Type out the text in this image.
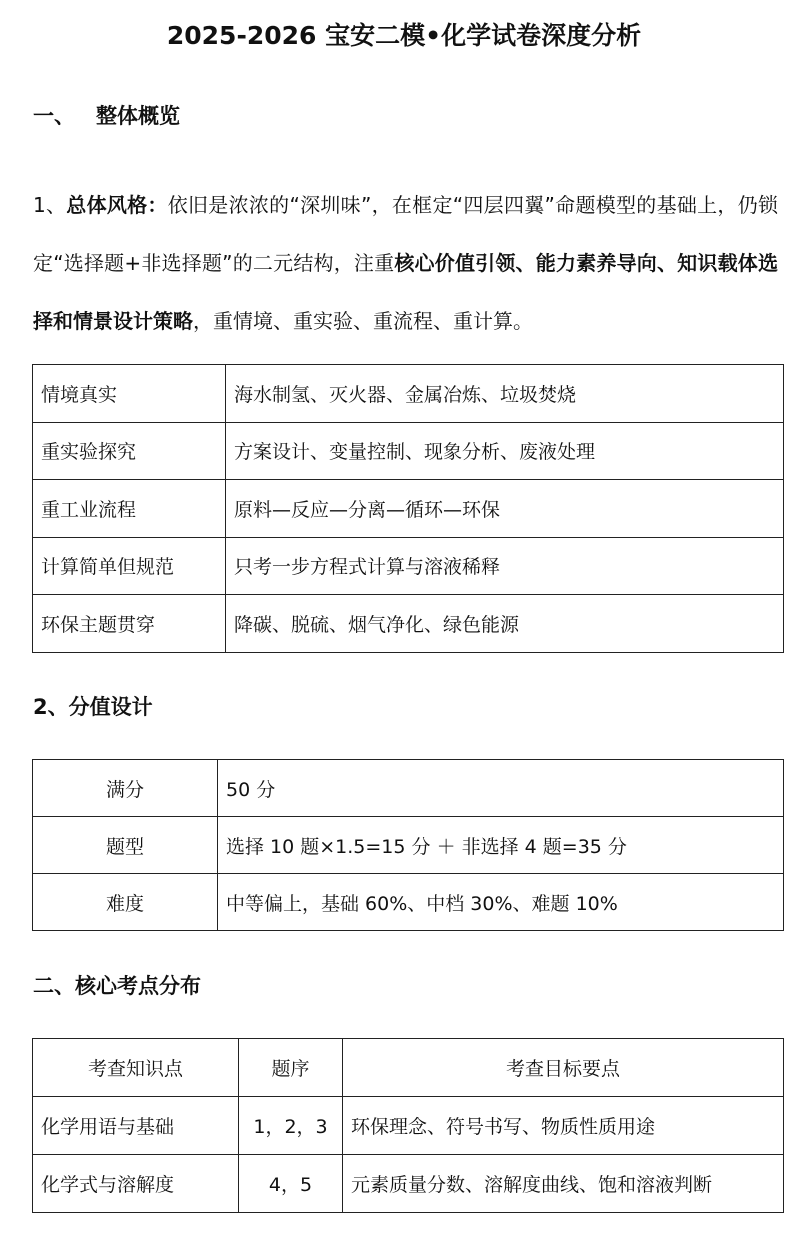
2025-2026 宝安二模•化学试卷深度分析
一、 整体概览

1、总体风格：依旧是浓浓的“深圳味”，在框定“四层四翼”命题模型的基础上，仍锁定“选择题+非选择题”的二元结构，注重核心价值引领、能力素养导向、知识载体选择和情景设计策略，重情境、重实验、重流程、重计算。

情境真实	海水制氢、灭火器、金属冶炼、垃圾焚烧
重实验探究	方案设计、变量控制、现象分析、废液处理
重工业流程	原料—反应—分离—循环—环保
计算简单但规范	只考一步方程式计算与溶液稀释
环保主题贯穿	降碳、脱硫、烟气净化、绿色能源
2、分值设计
满分	50 分
题型	选择 10 题×1.5=15 分 ＋ 非选择 4 题=35 分
难度	中等偏上，基础 60%、中档 30%、难题 10%
二、核心考点分布
考查知识点	题序	考查目标要点
化学用语与基础	1，2，3	环保理念、符号书写、物质性质用途
化学式与溶解度	4，5	元素质量分数、溶解度曲线、饱和溶液判断
